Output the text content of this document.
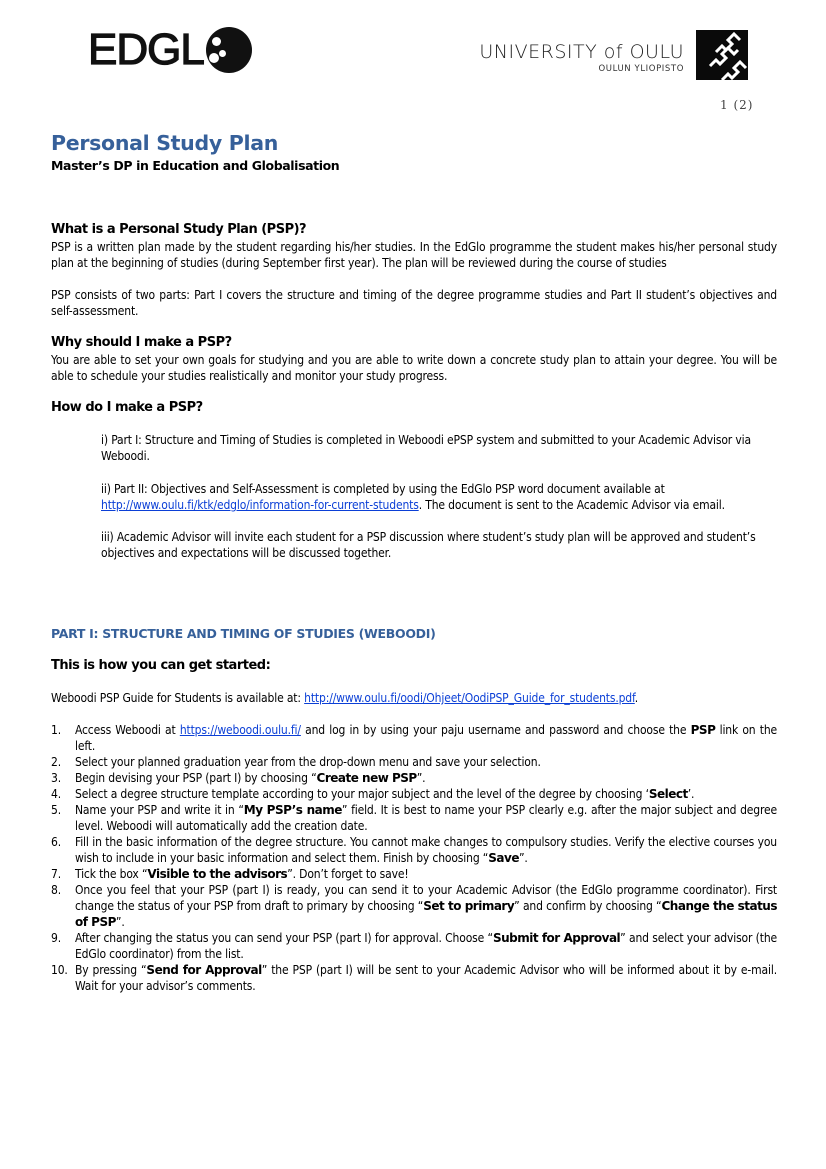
EDGL	UNIVERSITY of OULU
OULUN YLIOPISTO
1 (2)
Personal Study Plan
Master’s DP in Education and Globalisation
What is a Personal Study Plan (PSP)?
PSP is a written plan made by the student regarding his/her studies. In the EdGlo programme the student makes his/her personal study plan at the beginning of studies (during September first year). The plan will be reviewed during the course of studies
PSP consists of two parts: Part I covers the structure and timing of the degree programme studies and Part II student’s objectives and self-assessment.
Why should I make a PSP?
You are able to set your own goals for studying and you are able to write down a concrete study plan to attain your degree. You will be able to schedule your studies realistically and monitor your study progress.
How do I make a PSP?
i) Part I: Structure and Timing of Studies is completed in Weboodi ePSP system and submitted to your Academic Advisor via Weboodi.
ii) Part II: Objectives and Self-Assessment is completed by using the EdGlo PSP word document available at http://www.oulu.fi/ktk/edglo/information-for-current-students. The document is sent to the Academic Advisor via email.
iii) Academic Advisor will invite each student for a PSP discussion where student’s study plan will be approved and student’s objectives and expectations will be discussed together.
PART I: STRUCTURE AND TIMING OF STUDIES (WEBOODI)
This is how you can get started:
Weboodi PSP Guide for Students is available at: http://www.oulu.fi/oodi/Ohjeet/OodiPSP_Guide_for_students.pdf.
1. Access Weboodi at https://weboodi.oulu.fi/ and log in by using your paju username and password and choose the PSP link on the left.
2. Select your planned graduation year from the drop-down menu and save your selection.
3. Begin devising your PSP (part I) by choosing “Create new PSP”.
4. Select a degree structure template according to your major subject and the level of the degree by choosing ‘Select’.
5. Name your PSP and write it in “My PSP’s name” field. It is best to name your PSP clearly e.g. after the major subject and degree level. Weboodi will automatically add the creation date.
6. Fill in the basic information of the degree structure. You cannot make changes to compulsory studies. Verify the elective courses you wish to include in your basic information and select them. Finish by choosing “Save”.
7. Tick the box “Visible to the advisors”. Don’t forget to save!
8. Once you feel that your PSP (part I) is ready, you can send it to your Academic Advisor (the EdGlo programme coordinator). First change the status of your PSP from draft to primary by choosing “Set to primary” and confirm by choosing “Change the status of PSP”.
9. After changing the status you can send your PSP (part I) for approval. Choose “Submit for Approval” and select your advisor (the EdGlo coordinator) from the list.
10. By pressing “Send for Approval” the PSP (part I) will be sent to your Academic Advisor who will be informed about it by e-mail. Wait for your advisor’s comments.
